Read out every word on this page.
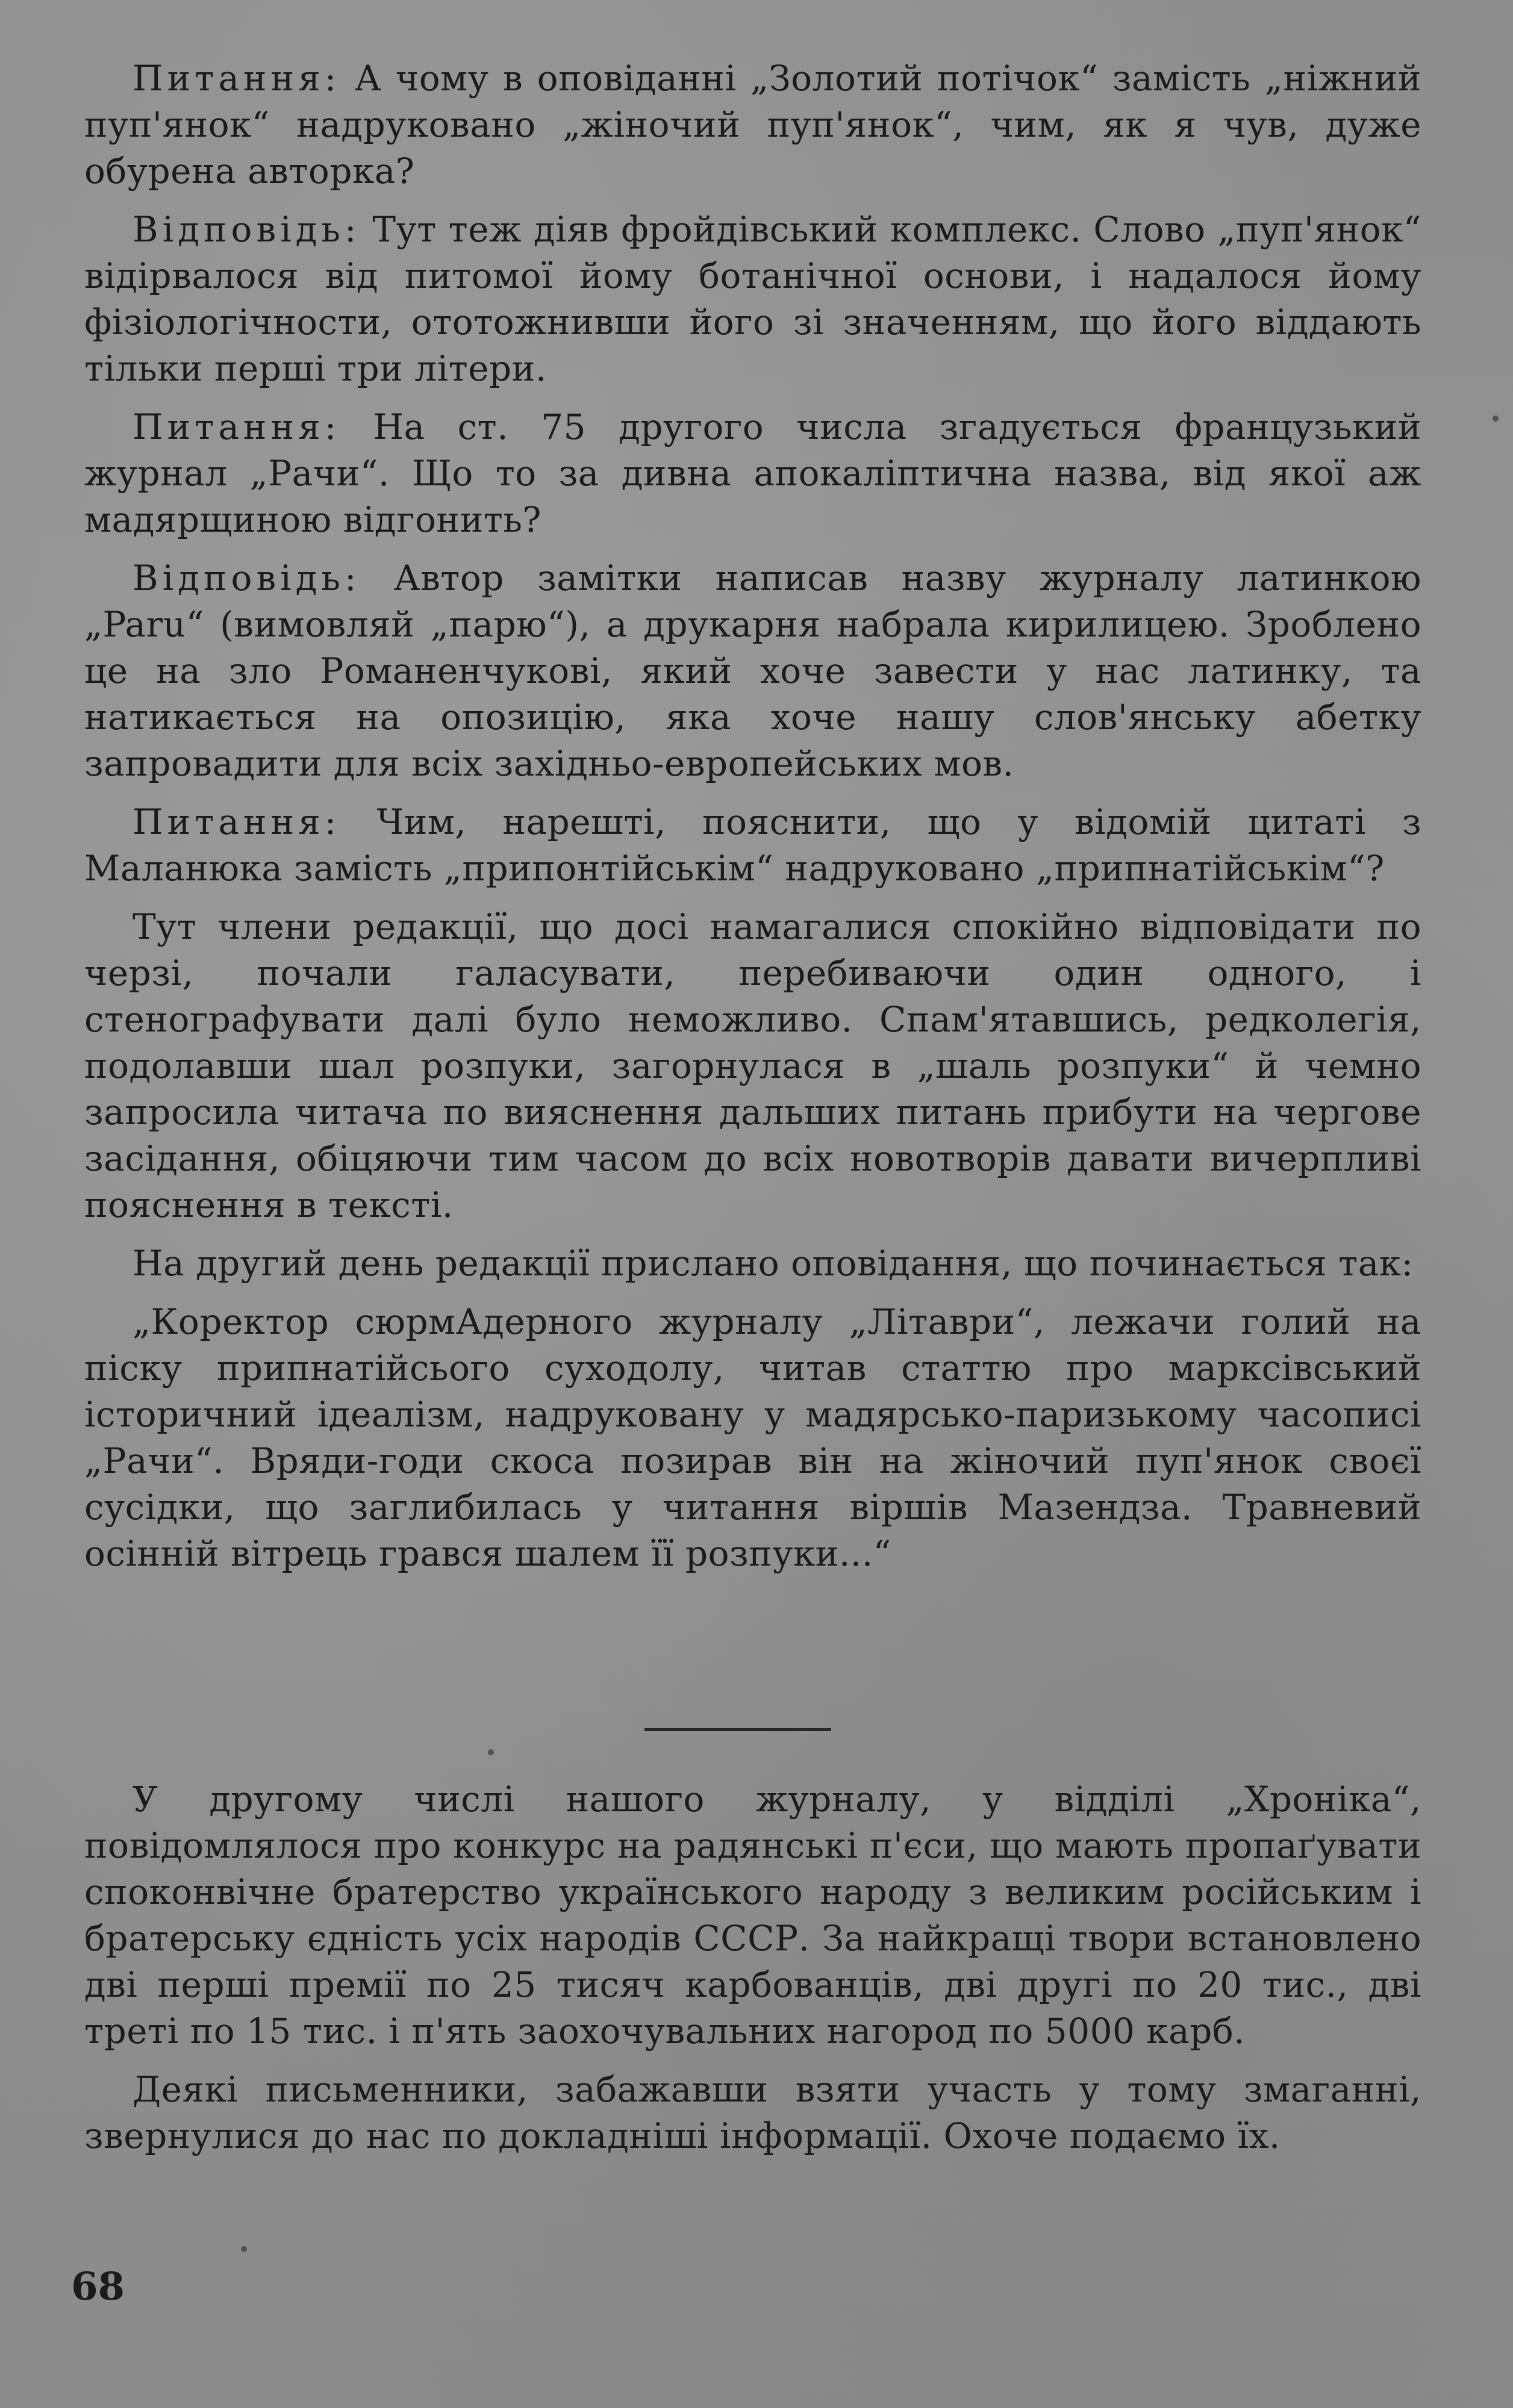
Питання: А чому в оповіданні „Золотий потічок“ замість „ніжний пуп'янок“ надруковано „жіночий пуп'янок“, чим, як я чув, дуже обурена авторка?

Відповідь: Тут теж діяв фройдівський комплекс. Слово „пуп'янок“ відірвалося від питомої йому ботанічної основи, і надалося йому фізіологічности, ототожнивши його зі значенням, що його віддають тільки перші три літери.

Питання: На ст. 75 другого числа згадується французький журнал „Рачи“. Що то за дивна апокаліптична назва, від якої аж мадярщиною відгонить?

Відповідь: Автор замітки написав назву журналу латинкою „Paru“ (вимовляй „парю“), а друкарня набрала кирилицею. Зроблено це на зло Романенчукові, який хоче завести у нас латинку, та натикається на опозицію, яка хоче нашу слов'янську абетку запровадити для всіх західньо-европейських мов.

Питання: Чим, нарешті, пояснити, що у відомій цитаті з Маланюка замість „припонтійськім“ надруковано „припнатійськім“?

Тут члени редакції, що досі намагалися спокійно відповідати по черзі, почали галасувати, перебиваючи один одного, і стенографувати далі було неможливо. Спам'ятавшись, редколегія, подолавши шал розпуки, загорнулася в „шаль розпуки“ й чемно запросила читача по вияснення дальших питань прибути на чергове засідання, обіцяючи тим часом до всіх новотворів давати вичерпливі пояснення в тексті.

На другий день редакції прислано оповідання, що починається так:

„Коректор сюрмАдерного журналу „Літаври“, лежачи голий на піску припнатійсього суходолу, читав статтю про марксівський історичний ідеалізм, надруковану у мадярсько-паризькому часописі „Рачи“. Вряди-годи скоса позирав він на жіночий пуп'янок своєї сусідки, що заглибилась у читання віршів Мазендза. Травневий осінній вітрець грався шалем її розпуки...“

У другому числі нашого журналу, у відділі „Хроніка“, повідомлялося про конкурс на радянські п'єси, що мають пропаґувати споконвічне братерство українського народу з великим російським і братерську єдність усіх народів СССР. За найкращі твори встановлено дві перші премії по 25 тисяч карбованців, дві другі по 20 тис., дві треті по 15 тис. і п'ять заохочувальних нагород по 5000 карб.

Деякі письменники, забажавши взяти участь у тому змаганні, звернулися до нас по докладніші інформації. Охоче подаємо їх.

68
